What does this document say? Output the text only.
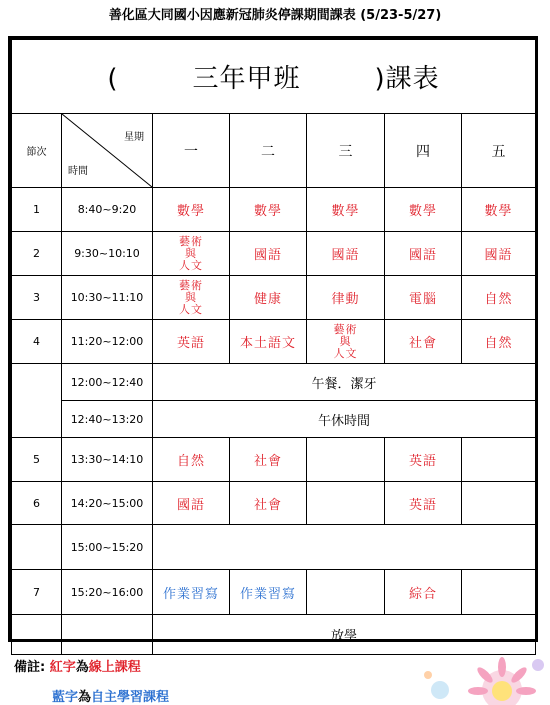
善化區大同國小因應新冠肺炎停課期間課表 (5/23-5/27)
( 三年甲班 )課表						
節次	星期
時間	一	二	三	四	五
1	8:40~9:20	數學	數學	數學	數學	數學

2	9:30~10:10	藝術
與
人文	國語	國語	國語	國語

3	10:30~11:10	藝術
與
人文	健康	律動	電腦	自然

4	11:20~12:00	英語	本土語文	藝術
與
人文	社會	自然

	12:00~12:40	午餐．潔牙				
	12:40~13:20	午休時間				
5	13:30~14:10	自然	社會		英語	

6	14:20~15:00	國語	社會		英語	

	15:00~15:20					
7	15:20~16:00	作業習寫	作業習寫		綜合	

		放學				
備註: 紅字為線上課程
藍字為自主學習課程
